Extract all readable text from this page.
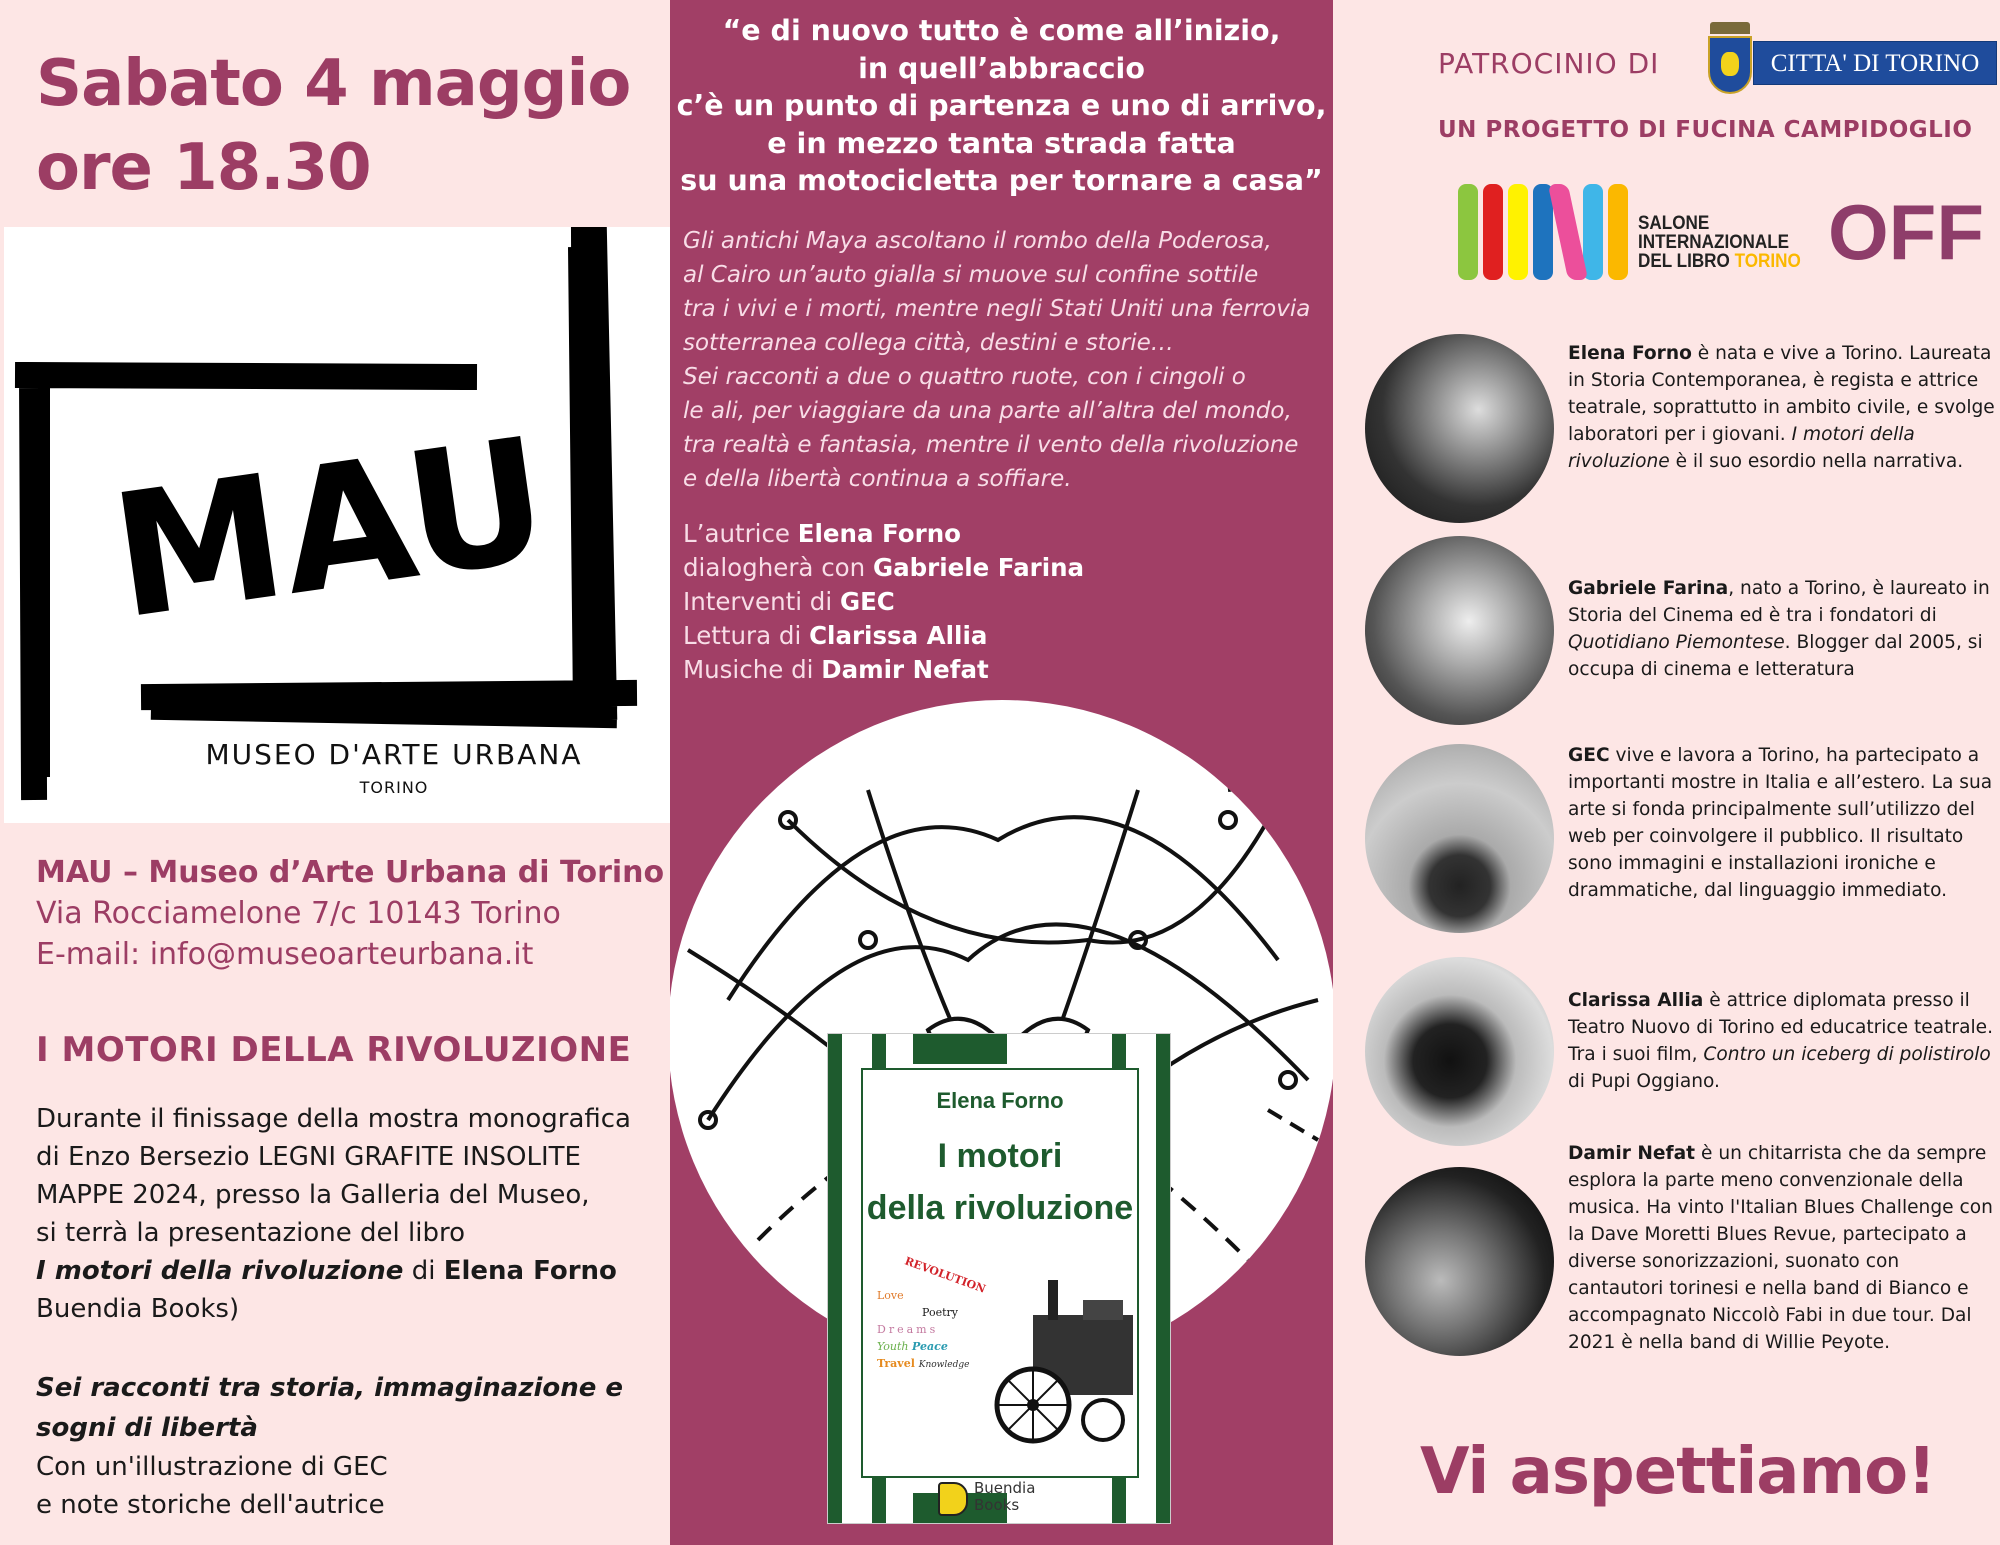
Sabato 4 maggio
ore 18.30
MAU
MUSEO D'ARTE URBANA
TORINO
MAU – Museo d’Arte Urbana di Torino
Via Rocciamelone 7/c 10143 Torino
E-mail: info@museoarteurbana.it
I MOTORI DELLA RIVOLUZIONE
Durante il finissage della mostra monografica
di Enzo Bersezio LEGNI GRAFITE INSOLITE
MAPPE 2024, presso la Galleria del Museo,
si terrà la presentazione del libro
I motori della rivoluzione di Elena Forno
Buendia Books)
Sei racconti tra storia, immaginazione e sogni di libertà
Con un'illustrazione di GEC
e note storiche dell'autrice
“e di nuovo tutto è come all’inizio,
in quell’abbraccio
c’è un punto di partenza e uno di arrivo,
e in mezzo tanta strada fatta
su una motocicletta per tornare a casa”
Gli antichi Maya ascoltano il rombo della Poderosa,
al Cairo un’auto gialla si muove sul confine sottile
tra i vivi e i morti, mentre negli Stati Uniti una ferrovia
sotterranea collega città, destini e storie…
Sei racconti a due o quattro ruote, con i cingoli o
le ali, per viaggiare da una parte all’altra del mondo,
tra realtà e fantasia, mentre il vento della rivoluzione
e della libertà continua a soffiare.
L’autrice Elena Forno
dialogherà con Gabriele Farina
Interventi di GEC
Lettura di Clarissa Allia
Musiche di Damir Nefat
Elena Forno
I motori
della rivoluzione
REVOLUTION
Love
Poetry
Dreams
Youth Peace
Travel Knowledge
Buendia
Books
PATROCINIO DI	CITTA' DI TORINO
UN PROGETTO DI FUCINA CAMPIDOGLIO
SALONE
INTERNAZIONALE
DEL LIBRO TORINO OFF
Elena Forno è nata e vive a Torino. Laureata in Storia Contemporanea, è regista e attrice teatrale, soprattutto in ambito civile, e svolge laboratori per i giovani. I motori della rivoluzione è il suo esordio nella narrativa.
Gabriele Farina, nato a Torino, è laureato in Storia del Cinema ed è tra i fondatori di Quotidiano Piemontese. Blogger dal 2005, si occupa di cinema e letteratura
GEC vive e lavora a Torino, ha partecipato a importanti mostre in Italia e all’estero. La sua arte si fonda principalmente sull’utilizzo del web per coinvolgere il pubblico. Il risultato sono immagini e installazioni ironiche e drammatiche, dal linguaggio immediato.
Clarissa Allia è attrice diplomata presso il Teatro Nuovo di Torino ed educatrice teatrale. Tra i suoi film, Contro un iceberg di polistirolo di Pupi Oggiano.
Damir Nefat è un chitarrista che da sempre esplora la parte meno convenzionale della musica. Ha vinto l'Italian Blues Challenge con la Dave Moretti Blues Revue, partecipato a diverse sonorizzazioni, suonato con cantautori torinesi e nella band di Bianco e accompagnato Niccolò Fabi in due tour. Dal 2021 è nella band di Willie Peyote.
Vi aspettiamo!
